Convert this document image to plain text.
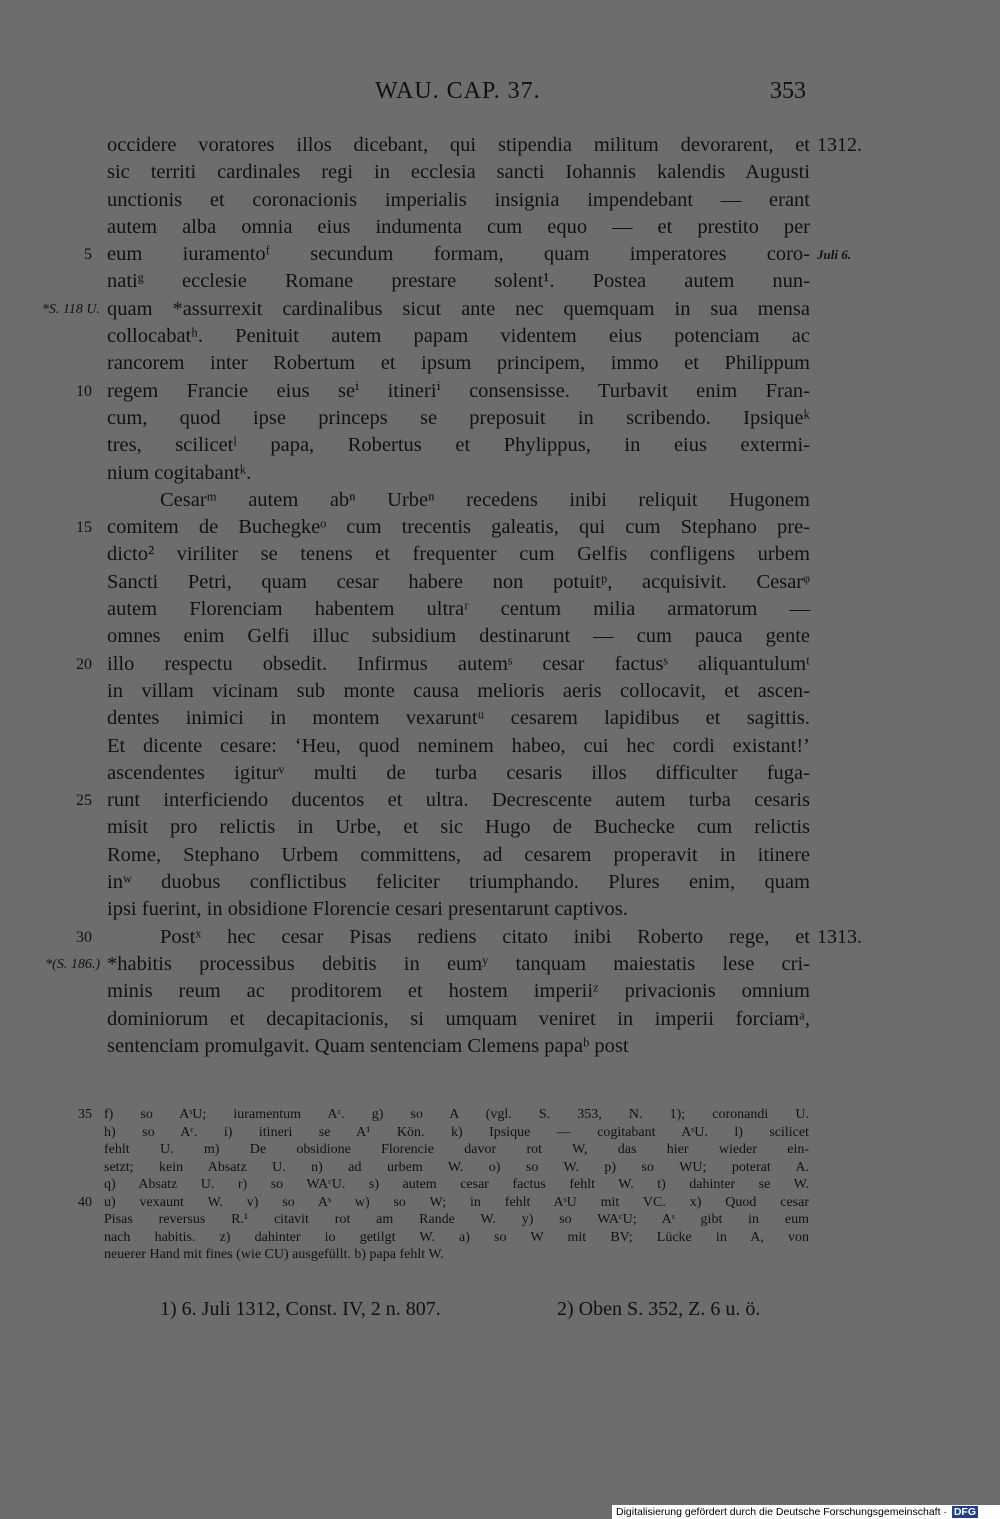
WAU. CAP. 37.	353
occidere voratores illos dicebant, qui stipendia militum devorarent, et 1312.
sic territi cardinales regi in ecclesia sancti Iohannis kalendis Augusti
unctionis et coronacionis imperialis insignia impendebant — erant
autem alba omnia eius indumenta cum equo — et prestito per
5 eum iuramentoᶠ secundum formam, quam imperatores coro- Juli 6.
natiᵍ ecclesie Romane prestare solent¹. Postea autem nun-
*S. 118 U. quam *assurrexit cardinalibus sicut ante nec quemquam in sua mensa
collocabatʰ. Penituit autem papam videntem eius potenciam ac
rancorem inter Robertum et ipsum principem, immo et Philippum
10 regem Francie eius seⁱ itineriⁱ consensisse. Turbavit enim Fran-
cum, quod ipse princeps se preposuit in scribendo. Ipsiqueᵏ
tres, scilicetˡ papa, Robertus et Phylippus, in eius extermi-
nium cogitabantᵏ.
Cesarᵐ autem abⁿ Urbeⁿ recedens inibi reliquit Hugonem
15 comitem de Buchegkeᵒ cum trecentis galeatis, qui cum Stephano pre-
dicto² viriliter se tenens et frequenter cum Gelfis confligens urbem
Sancti Petri, quam cesar habere non potuitᵖ, acquisivit. Cesarᵠ
autem Florenciam habentem ultraʳ centum milia armatorum —
omnes enim Gelfi illuc subsidium destinarunt — cum pauca gente
20 illo respectu obsedit. Infirmus autemˢ cesar factusˢ aliquantulumᵗ
in villam vicinam sub monte causa melioris aeris collocavit, et ascen-
dentes inimici in montem vexaruntᵘ cesarem lapidibus et sagittis.
Et dicente cesare: ‘Heu, quod neminem habeo, cui hec cordi existant!’
ascendentes igiturᵛ multi de turba cesaris illos difficulter fuga-
25 runt interficiendo ducentos et ultra. Decrescente autem turba cesaris
misit pro relictis in Urbe, et sic Hugo de Buchecke cum relictis
Rome, Stephano Urbem committens, ad cesarem properavit in itinere
inʷ duobus conflictibus feliciter triumphando. Plures enim, quam
ipsi fuerint, in obsidione Florencie cesari presentarunt captivos.
30	Postˣ hec cesar Pisas rediens citato inibi Roberto rege, et 1313.
*(S. 186.) *habitis processibus debitis in eumʸ tanquam maiestatis lese cri-
minis reum ac proditorem et hostem imperiiᶻ privacionis omnium
dominiorum et decapitacionis, si umquam veniret in imperii forciamᵃ,
sentenciam promulgavit. Quam sentenciam Clemens papaᵇ post
35 f) so AˢU; iuramentum Aᶜ. g) so A (vgl. S. 353, N. 1); coronandi U.
h) so Aᶜ. i) itineri se A¹ Kön. k) Ipsique — cogitabant AˢU. l) scilicet
fehlt U. m) De obsidione Florencie davor rot W, das hier wieder ein-
setzt; kein Absatz U. n) ad urbem W. o) so W. p) so WU; poterat A.
q) Absatz U. r) so WAᶜU. s) autem cesar factus fehlt W. t) dahinter se W.
40 u) vexaunt W. v) so Aˢ w) so W; in fehlt AˢU mit VC. x) Quod cesar
Pisas reversus R.¹ citavit rot am Rande W. y) so WAᶜU; Aˢ gibt in eum
nach habitis. z) dahinter io getilgt W. a) so W mit BV; Lücke in A, von
neuerer Hand mit fines (wie CU) ausgefüllt. b) papa fehlt W.
1) 6. Juli 1312, Const. IV, 2 n. 807.	2) Oben S. 352, Z. 6 u. ö.
Digitalisierung gefördert durch die Deutsche Forschungsgemeinschaft · DFG
